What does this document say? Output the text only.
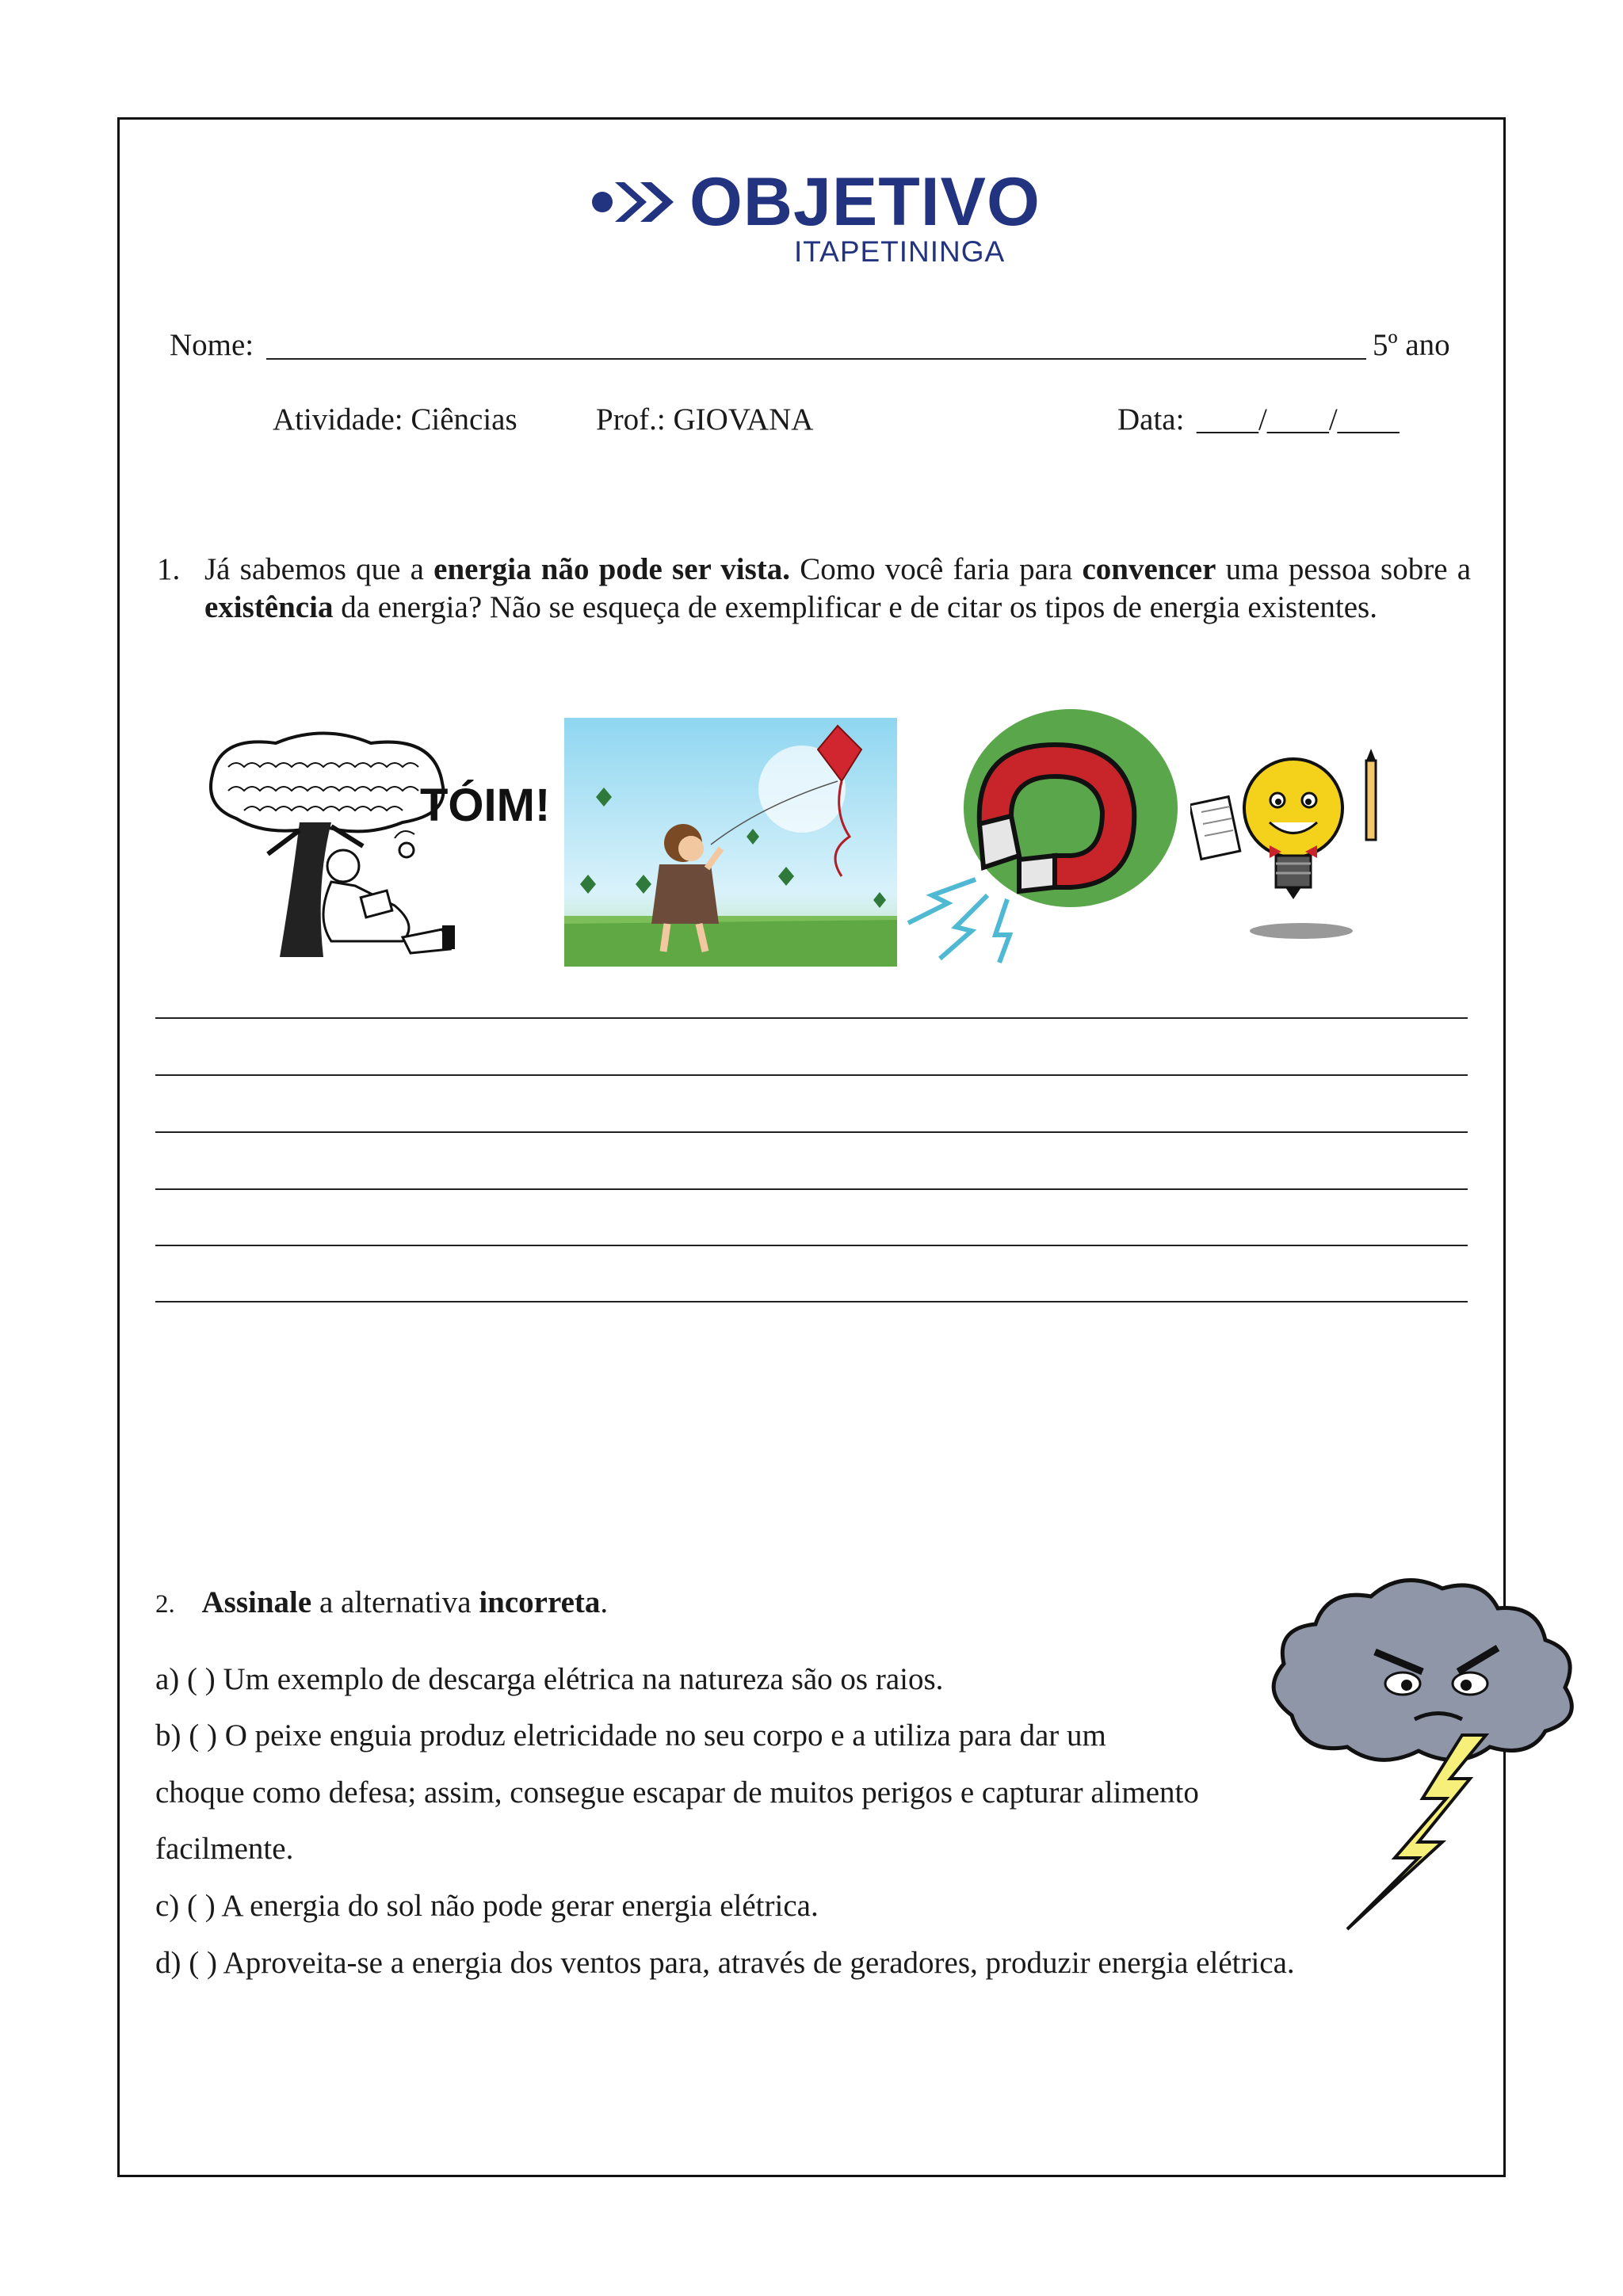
OBJETIVO
ITAPETININGA
Nome:	5º ano
Atividade: Ciências	Prof.: GIOVANA	Data: ____/____/____
1. Já sabemos que a energia não pode ser vista. Como você faria para convencer uma pessoa sobre a existência da energia? Não se esqueça de exemplificar e de citar os tipos de energia existentes.
TÓIM!
2. Assinale a alternativa incorreta.
a) ( ) Um exemplo de descarga elétrica na natureza são os raios.
b) ( ) O peixe enguia produz eletricidade no seu corpo e a utiliza para dar um
choque como defesa; assim, consegue escapar de muitos perigos e capturar alimento
facilmente.
c) ( ) A energia do sol não pode gerar energia elétrica.
d) ( ) Aproveita-se a energia dos ventos para, através de geradores, produzir energia elétrica.
